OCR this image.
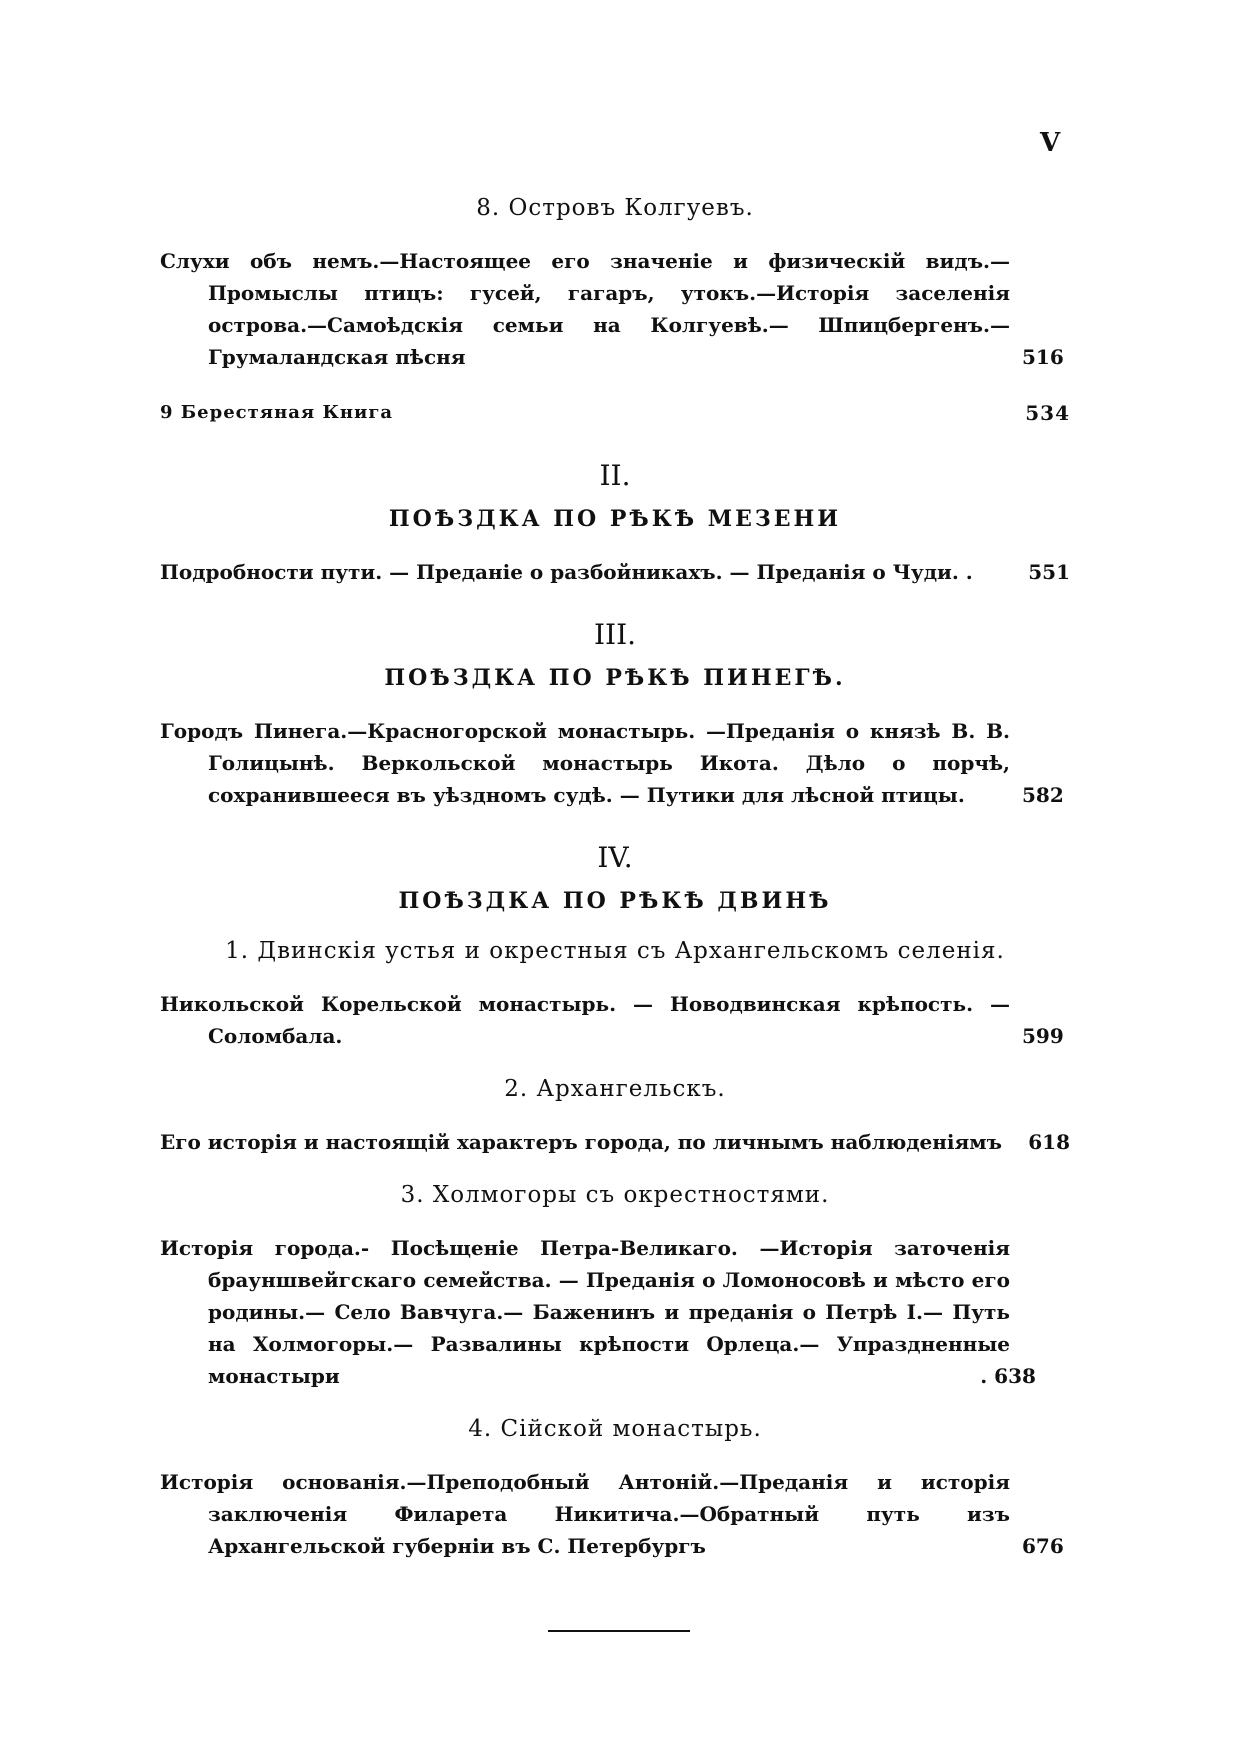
V
8. Островъ Колгуевъ.
Слухи объ немъ.—Настоящее его значеніе и физическій видъ.—Промыслы птицъ: гусей, гагаръ, утокъ.—Исторія заселенія острова.—Самоѣдскія семьи на Колгуевѣ.— Шпицбергенъ.— Грумаландская пѣсня	516
9 Берестяная Книга	534
II.
ПОѢЗДКА ПО РѢКѢ МЕЗЕНИ
Подробности пути. — Преданіе о разбойникахъ. — Преданія о Чуди. .	551
III.
ПОѢЗДКА ПО РѢКѢ ПИНЕГѢ.
Городъ Пинега.—Красногорской монастырь. —Преданія о князѣ В. В. Голицынѣ. Веркольской монастырь Икота. Дѣло о порчѣ, сохранившееся въ уѣздномъ судѣ. — Путики для лѣсной птицы.	582
IV.
ПОѢЗДКА ПО РѢКѢ ДВИНѢ
1. Двинскія устья и окрестныя съ Архангельскомъ селенія.
Никольской Корельской монастырь. — Новодвинская крѣпость. — Соломбала.	599
2. Архангельскъ.
Его исторія и настоящій характеръ города, по личнымъ наблюденіямъ 618
3. Холмогоры съ окрестностями.
Исторія города.- Посѣщеніе Петра-Великаго. —Исторія заточенія брауншвейгскаго семейства. — Преданія о Ломоносовѣ и мѣсто его родины.— Село Вавчуга.— Баженинъ и преданія о Петрѣ I.— Путь на Холмогоры.— Развалины крѣпости Орлеца.— Упраздненные монастыри	. 638
4. Сійской монастырь.
Исторія основанія.—Преподобный Антоній.—Преданія и исторія заключенія Филарета Никитича.—Обратный путь изъ Архангельской губерніи въ С. Петербургъ	676
